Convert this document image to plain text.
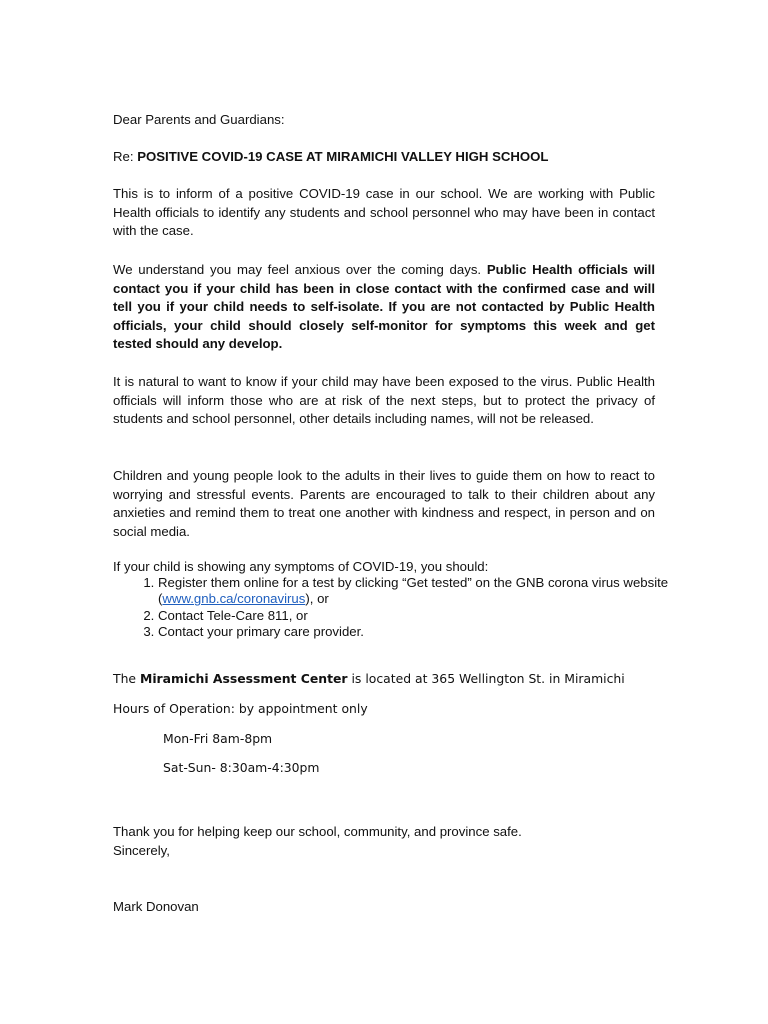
Dear Parents and Guardians:

Re: POSITIVE COVID-19 CASE AT MIRAMICHI VALLEY HIGH SCHOOL

This is to inform of a positive COVID-19 case in our school. We are working with Public Health officials to identify any students and school personnel who may have been in contact with the case.

We understand you may feel anxious over the coming days. Public Health officials will contact you if your child has been in close contact with the confirmed case and will tell you if your child needs to self-isolate. If you are not contacted by Public Health officials, your child should closely self-monitor for symptoms this week and get tested should any develop.

It is natural to want to know if your child may have been exposed to the virus. Public Health officials will inform those who are at risk of the next steps, but to protect the privacy of students and school personnel, other details including names, will not be released.

Children and young people look to the adults in their lives to guide them on how to react to worrying and stressful events. Parents are encouraged to talk to their children about any anxieties and remind them to treat one another with kindness and respect, in person and on social media.

If your child is showing any symptoms of COVID-19, you should:

1. Register them online for a test by clicking “Get tested” on the GNB corona virus website (www.gnb.ca/coronavirus), or
2. Contact Tele-Care 811, or
3. Contact your primary care provider.

The Miramichi Assessment Center is located at 365 Wellington St. in Miramichi

Hours of Operation: by appointment only

Mon-Fri 8am-8pm

Sat-Sun- 8:30am-4:30pm

Thank you for helping keep our school, community, and province safe.

Sincerely,

Mark Donovan
